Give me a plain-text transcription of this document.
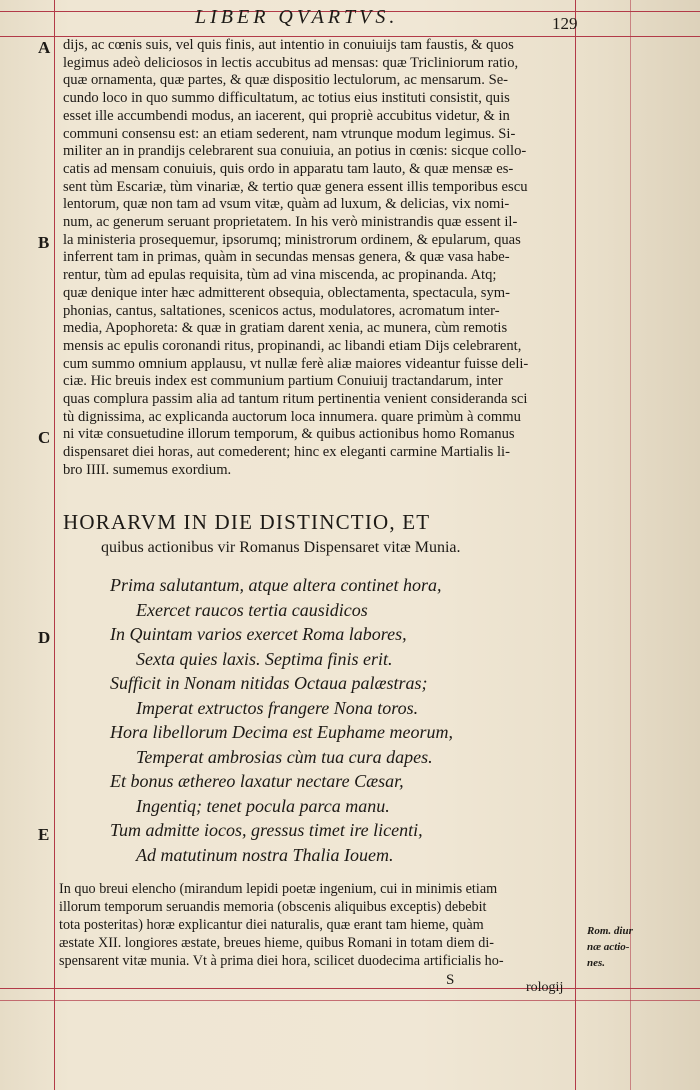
LIBER QVARTVS.	129
A
B
C
D
E
dijs, ac cœnis suis, vel quis finis, aut intentio in conuiuijs tam faustis, & quos
legimus adeò deliciosos in lectis accubitus ad mensas: quæ Tricliniorum ratio,
quæ ornamenta, quæ partes, & quæ dispositio lectulorum, ac mensarum. Se-
cundo loco in quo summo difficultatum, ac totius eius instituti consistit, quis
esset ille accumbendi modus, an iacerent, qui propriè accubitus videtur, & in
communi consensu est: an etiam sederent, nam vtrunque modum legimus. Si-
militer an in prandijs celebrarent sua conuiuia, an potius in cœnis: sicque collo-
catis ad mensam conuiuis, quis ordo in apparatu tam lauto, & quæ mensæ es-
sent tùm Escariæ, tùm vinariæ, & tertio quæ genera essent illis temporibus escu
lentorum, quæ non tam ad vsum vitæ, quàm ad luxum, & delicias, vix nomi-
num, ac generum seruant proprietatem. In his verò ministrandis quæ essent il-
la ministeria prosequemur, ipsorumq; ministrorum ordinem, & epularum, quas
inferrent tam in primas, quàm in secundas mensas genera, & quæ vasa habe-
rentur, tùm ad epulas requisita, tùm ad vina miscenda, ac propinanda. Atq;
quæ denique inter hæc admitterent obsequia, oblectamenta, spectacula, sym-
phonias, cantus, saltationes, scenicos actus, modulatores, acromatum inter-
media, Apophoreta: & quæ in gratiam darent xenia, ac munera, cùm remotis
mensis ac epulis coronandi ritus, propinandi, ac libandi etiam Dijs celebrarent,
cum summo omnium applausu, vt nullæ ferè aliæ maiores videantur fuisse deli-
ciæ. Hic breuis index est communium partium Conuiuij tractandarum, inter
quas complura passim alia ad tantum ritum pertinentia venient consideranda sci
tù dignissima, ac explicanda auctorum loca innumera. quare primùm à commu
ni vitæ consuetudine illorum temporum, & quibus actionibus homo Romanus
dispensaret diei horas, aut comederent; hinc ex eleganti carmine Martialis li-
bro IIII. sumemus exordium.
HORARVM IN DIE DISTINCTIO, ET
quibus actionibus vir Romanus Dispensaret vitæ Munia.
Prima salutantum, atque altera continet hora,
Exercet raucos tertia causidicos
In Quintam varios exercet Roma labores,
Sexta quies laxis. Septima finis erit.
Sufficit in Nonam nitidas Octaua palæstras;
Imperat extructos frangere Nona toros.
Hora libellorum Decima est Euphame meorum,
Temperat ambrosias cùm tua cura dapes.
Et bonus æthereo laxatur nectare Cæsar,
Ingentiq; tenet pocula parca manu.
Tum admitte iocos, gressus timet ire licenti,
Ad matutinum nostra Thalia Iouem.
In quo breui elencho (mirandum lepidi poetæ ingenium, cui in minimis etiam
illorum temporum seruandis memoria (obscenis aliquibus exceptis) debebit
tota posteritas) horæ explicantur diei naturalis, quæ erant tam hieme, quàm
æstate XII. longiores æstate, breues hieme, quibus Romani in totam diem di-
spensarent vitæ munia. Vt à prima diei hora, scilicet duodecima artificialis ho-
Rom. diur
næ actio-
nes.
S	rologij
